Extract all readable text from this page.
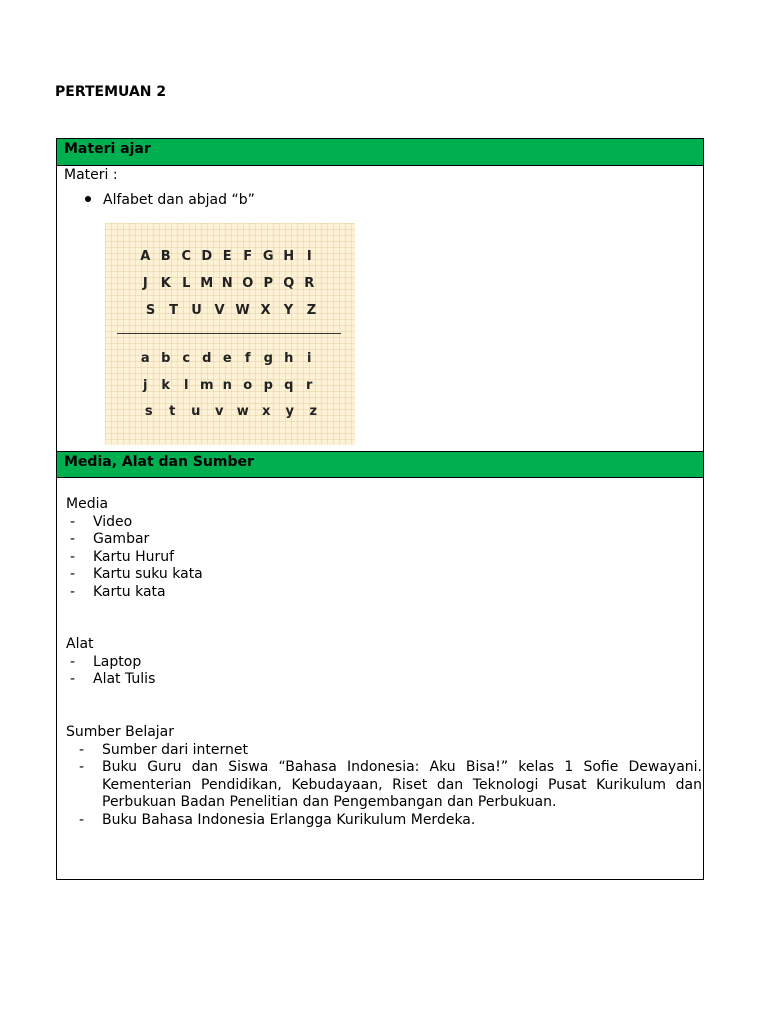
PERTEMUAN 2
Materi ajar
Materi :
Alfabet dan abjad “b”
A B C D E F G H I
J	K L M N O P Q R
S	T	U V W X	Y	Z
a b c d e	f	g h	i
j	k	l m n o p q r
s	t	u	v	w	x	y	z
Media, Alat dan Sumber
Media
- Video
- Gambar
- Kartu Huruf
- Kartu suku kata
- Kartu kata
Alat
- Laptop
- Alat Tulis
Sumber Belajar
- Sumber dari internet
- Buku Guru dan Siswa “Bahasa Indonesia: Aku Bisa!” kelas 1 Sofie Dewayani. Kementerian Pendidikan, Kebudayaan, Riset dan Teknologi Pusat Kurikulum dan Perbukuan Badan Penelitian dan Pengembangan dan Perbukuan.
- Buku Bahasa Indonesia Erlangga Kurikulum Merdeka.
